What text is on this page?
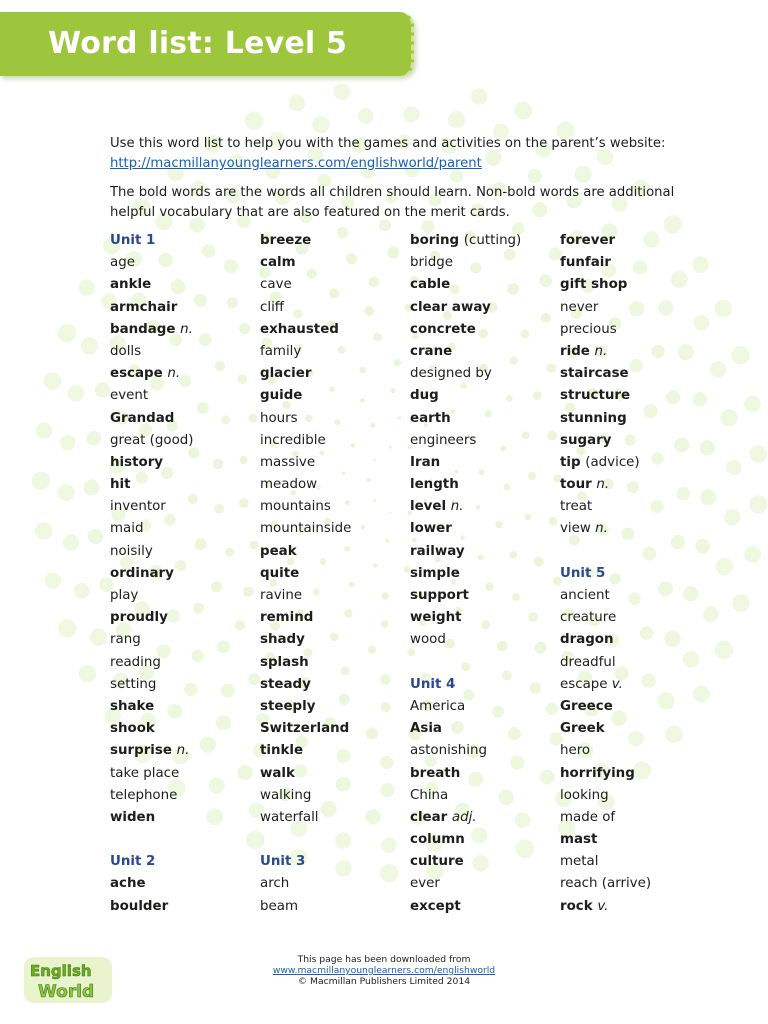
Word list: Level 5
Use this word list to help you with the games and activities on the parent’s website:
http://macmillanyounglearners.com/englishworld/parent
The bold words are the words all children should learn. Non-bold words are additional helpful vocabulary that are also featured on the merit cards.
Unit 1
age
ankle
armchair
bandage n.
dolls
escape n.
event
Grandad
great (good)
history
hit
inventor
maid
noisily
ordinary
play
proudly
rang
reading
setting
shake
shook
surprise n.
take place
telephone
widen
Unit 2
ache
boulder
breeze
calm
cave
cliff
exhausted
family
glacier
guide
hours
incredible
massive
meadow
mountains
mountainside
peak
quite
ravine
remind
shady
splash
steady
steeply
Switzerland
tinkle
walk
walking
waterfall
Unit 3
arch
beam
boring (cutting)
bridge
cable
clear away
concrete
crane
designed by
dug
earth
engineers
Iran
length
level n.
lower
railway
simple
support
weight
wood
Unit 4
America
Asia
astonishing
breath
China
clear adj.
column
culture
ever
except
forever
funfair
gift shop
never
precious
ride n.
staircase
structure
stunning
sugary
tip (advice)
tour n.
treat
view n.
Unit 5
ancient
creature
dragon
dreadful
escape v.
Greece
Greek
hero
horrifying
looking
made of
mast
metal
reach (arrive)
rock v.
This page has been downloaded from
www.macmillanyounglearners.com/englishworld
© Macmillan Publishers Limited 2014
English
World
